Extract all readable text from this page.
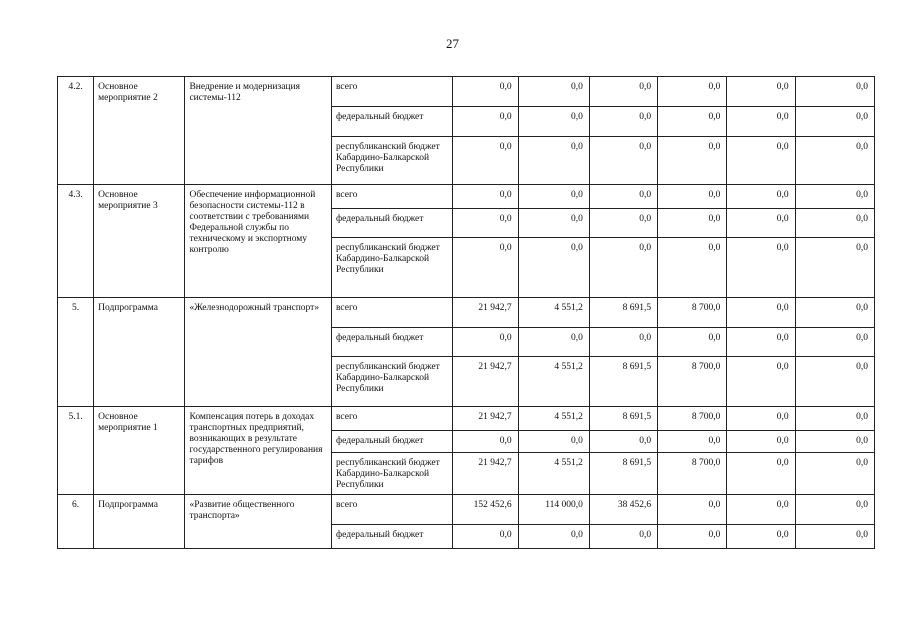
27
4.2.	Основное мероприятие 2	Внедрение и модернизация системы-112	всего	0,0	0,0	0,0	0,0	0,0	0,0
			федеральный бюджет	0,0	0,0	0,0	0,0	0,0	0,0
			республиканский бюджет Кабардино-Балкарской Республики	0,0	0,0	0,0	0,0	0,0	0,0
4.3.	Основное мероприятие 3	Обеспечение информационной безопасности системы-112 в соответствии с требованиями Федеральной службы по техническому и экспортному контролю	всего	0,0	0,0	0,0	0,0	0,0	0,0
			федеральный бюджет	0,0	0,0	0,0	0,0	0,0	0,0
			республиканский бюджет Кабардино-Балкарской Республики	0,0	0,0	0,0	0,0	0,0	0,0
5.	Подпрограмма	«Железнодорожный транспорт»	всего	21 942,7	4 551,2	8 691,5	8 700,0	0,0	0,0
			федеральный бюджет	0,0	0,0	0,0	0,0	0,0	0,0
			республиканский бюджет Кабардино-Балкарской Республики	21 942,7	4 551,2	8 691,5	8 700,0	0,0	0,0
5.1.	Основное мероприятие 1	Компенсация потерь в доходах транспортных предприятий, возникающих в результате государственного регулирования тарифов	всего	21 942,7	4 551,2	8 691,5	8 700,0	0,0	0,0
			федеральный бюджет	0,0	0,0	0,0	0,0	0,0	0,0
			республиканский бюджет Кабардино-Балкарской Республики	21 942,7	4 551,2	8 691,5	8 700,0	0,0	0,0
6.	Подпрограмма	«Развитие общественного транспорта»	всего	152 452,6	114 000,0	38 452,6	0,0	0,0	0,0
			федеральный бюджет	0,0	0,0	0,0	0,0	0,0	0,0
